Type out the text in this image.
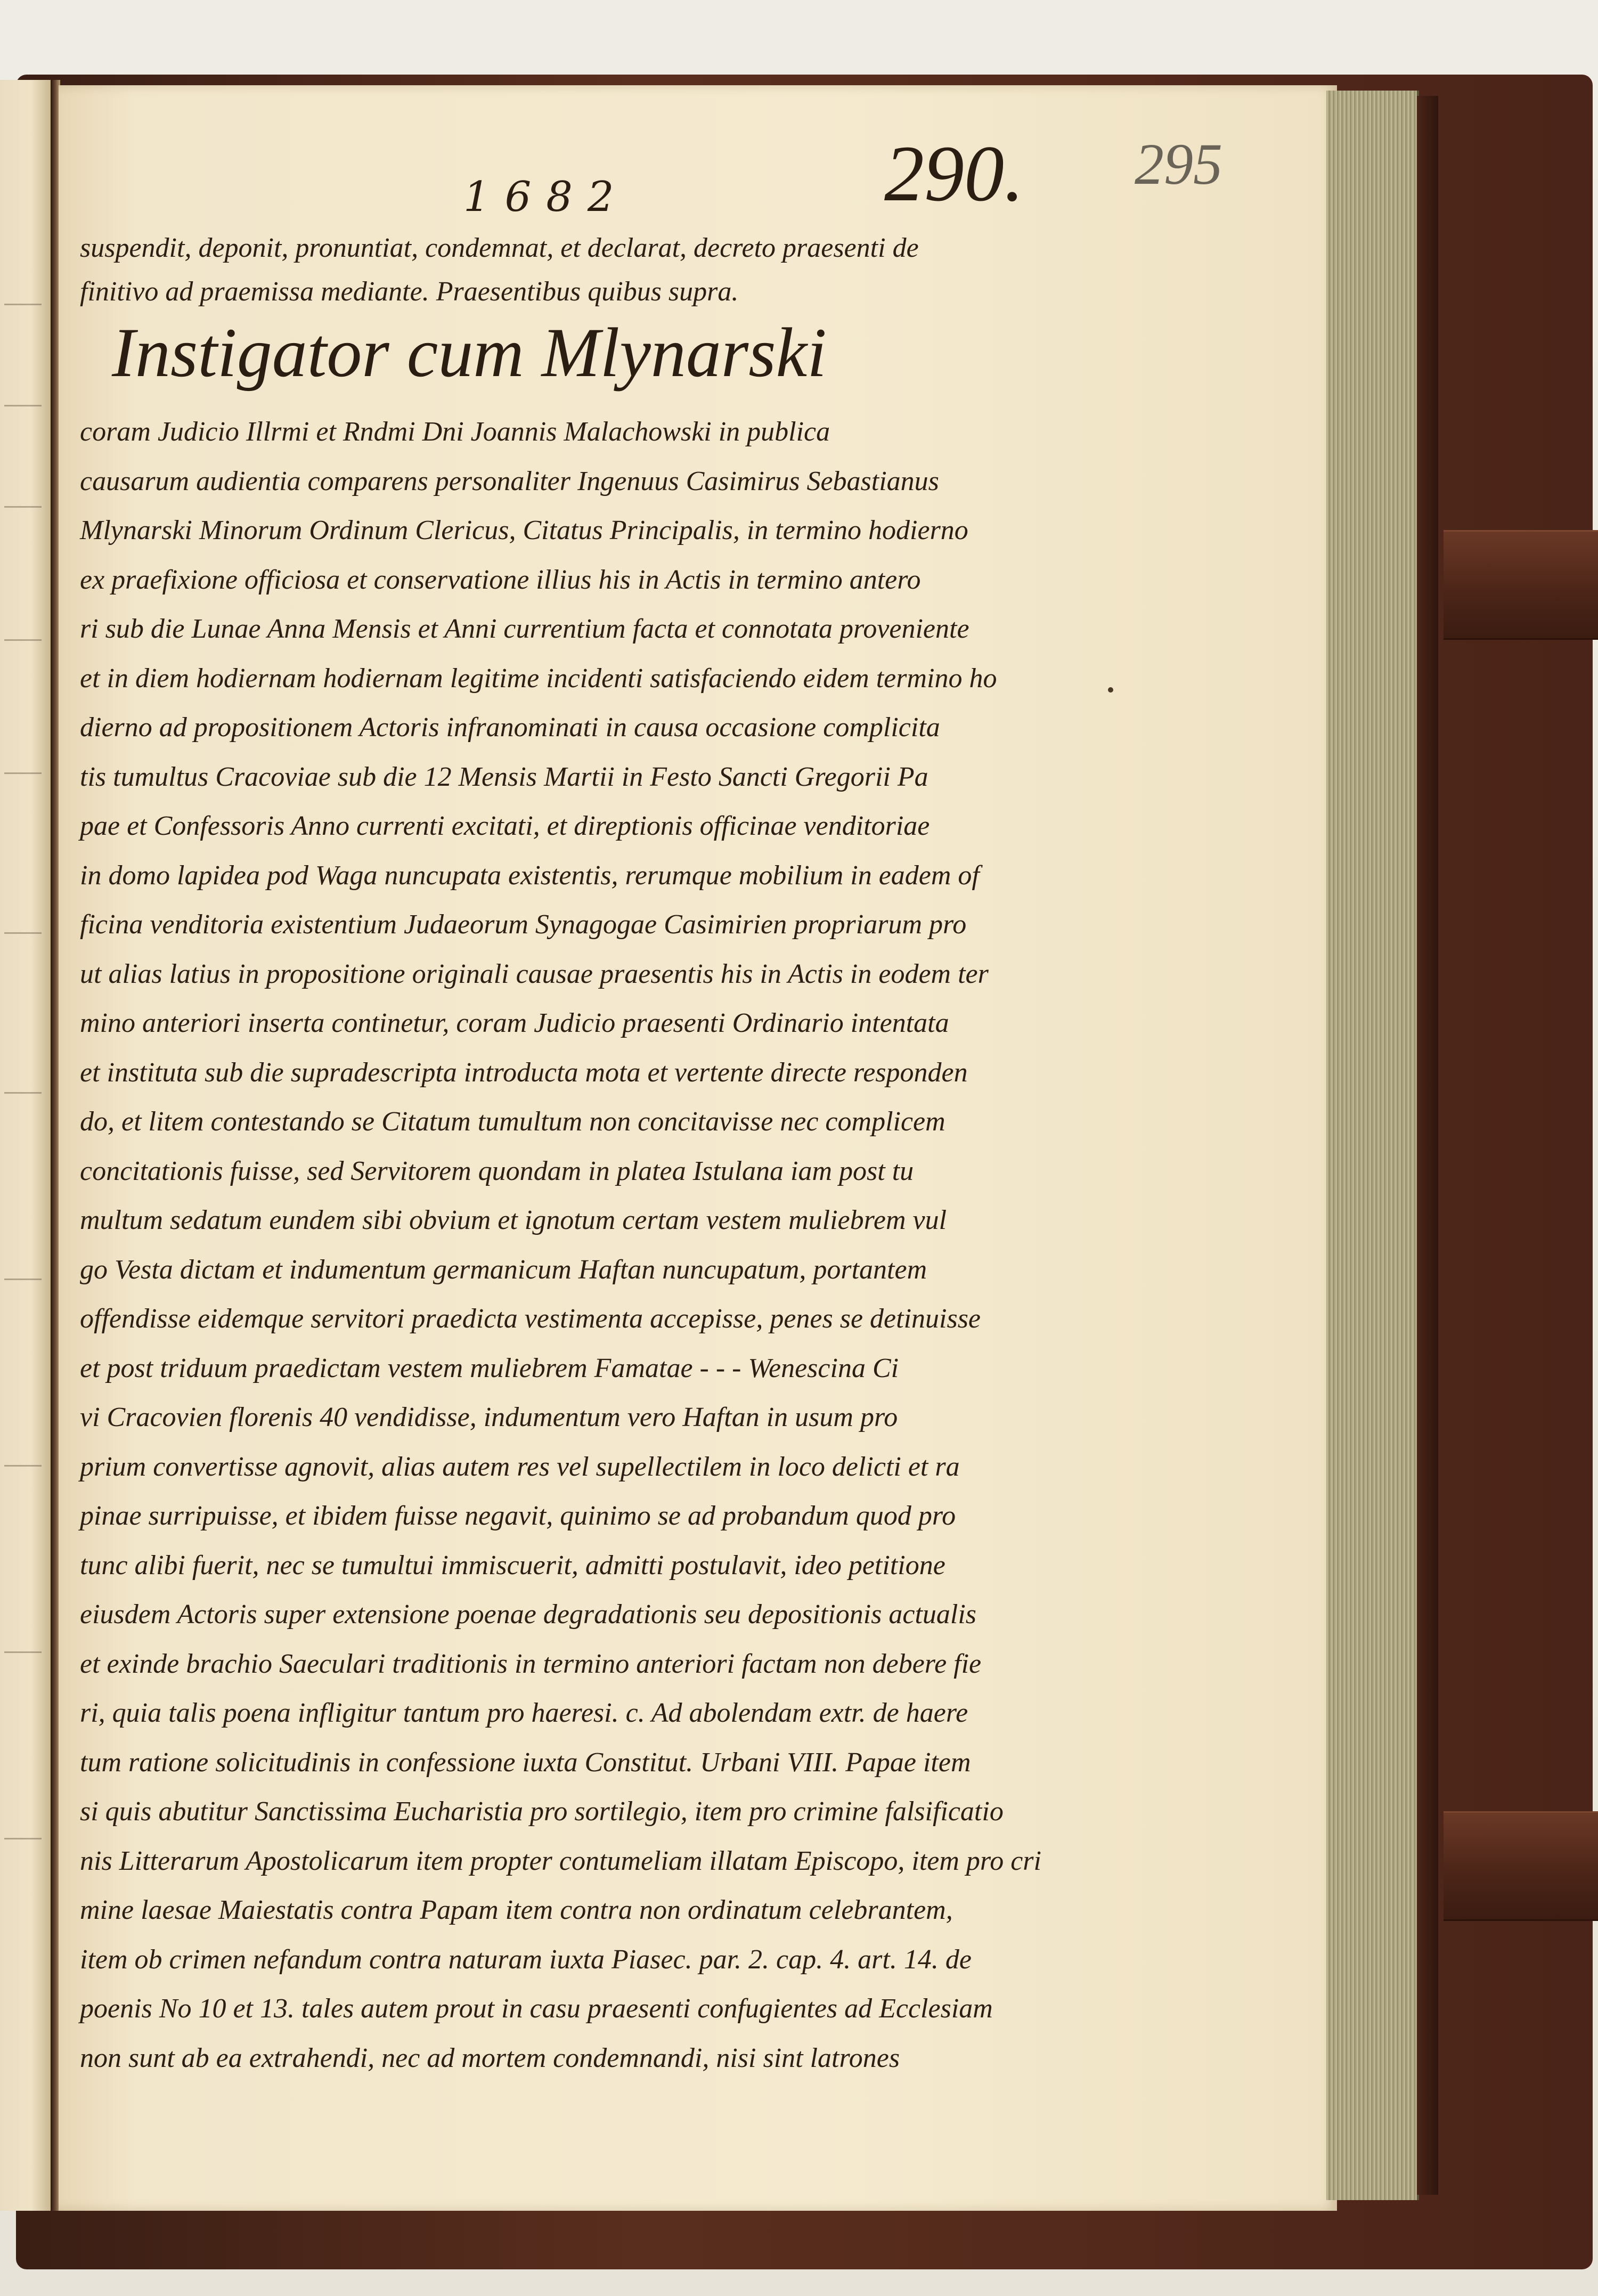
1682	290. 295
suspendit, deponit, pronuntiat, condemnat, et declarat, decreto praesenti de
finitivo ad praemissa mediante. Praesentibus quibus supra.
Instigator cum Mlynarski
coram Judicio Illrmi et Rndmi Dni Joannis Malachowski in publica
causarum audientia comparens personaliter Ingenuus Casimirus Sebastianus
Mlynarski Minorum Ordinum Clericus, Citatus Principalis, in termino hodierno
ex praefixione officiosa et conservatione illius his in Actis in termino antero
ri sub die Lunae Anna Mensis et Anni currentium facta et connotata proveniente
et in diem hodiernam hodiernam legitime incidenti satisfaciendo eidem termino ho
dierno ad propositionem Actoris infranominati in causa occasione complicita
tis tumultus Cracoviae sub die 12 Mensis Martii in Festo Sancti Gregorii Pa
pae et Confessoris Anno currenti excitati, et direptionis officinae venditoriae
in domo lapidea pod Waga nuncupata existentis, rerumque mobilium in eadem of
ficina venditoria existentium Judaeorum Synagogae Casimirien propriarum pro
ut alias latius in propositione originali causae praesentis his in Actis in eodem ter
mino anteriori inserta continetur, coram Judicio praesenti Ordinario intentata
et instituta sub die supradescripta introducta mota et vertente directe responden
do, et litem contestando se Citatum tumultum non concitavisse nec complicem
concitationis fuisse, sed Servitorem quondam in platea Istulana iam post tu
multum sedatum eundem sibi obvium et ignotum certam vestem muliebrem vul
go Vesta dictam et indumentum germanicum Haftan nuncupatum, portantem
offendisse eidemque servitori praedicta vestimenta accepisse, penes se detinuisse
et post triduum praedictam vestem muliebrem Famatae - - - Wenescina Ci
vi Cracovien florenis 40 vendidisse, indumentum vero Haftan in usum pro
prium convertisse agnovit, alias autem res vel supellectilem in loco delicti et ra
pinae surripuisse, et ibidem fuisse negavit, quinimo se ad probandum quod pro
tunc alibi fuerit, nec se tumultui immiscuerit, admitti postulavit, ideo petitione
eiusdem Actoris super extensione poenae degradationis seu depositionis actualis
et exinde brachio Saeculari traditionis in termino anteriori factam non debere fie
ri, quia talis poena infligitur tantum pro haeresi. c. Ad abolendam extr. de haere
tum ratione solicitudinis in confessione iuxta Constitut. Urbani VIII. Papae item
si quis abutitur Sanctissima Eucharistia pro sortilegio, item pro crimine falsificatio
nis Litterarum Apostolicarum item propter contumeliam illatam Episcopo, item pro cri
mine laesae Maiestatis contra Papam item contra non ordinatum celebrantem,
item ob crimen nefandum contra naturam iuxta Piasec. par. 2. cap. 4. art. 14. de
poenis No 10 et 13. tales autem prout in casu praesenti confugientes ad Ecclesiam
non sunt ab ea extrahendi, nec ad mortem condemnandi, nisi sint latrones
